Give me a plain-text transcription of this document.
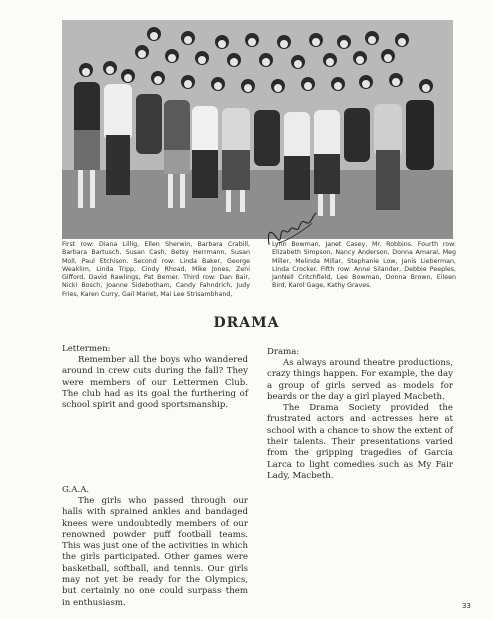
First row: Diana Lillig, Ellen Sherwin, Barbara Crabill, Barbara Bartusch, Susan Cash, Betsy Herrmann, Susan Moll, Paul Etchison. Second row: Linda Baker, George Weaklim, Linda Tripp, Cindy Rhoad, Mike Jones, Zeni Gifford, David Rawlings, Pat Berner. Third row: Dan Bair, Nicki Bosch, Joanne Sidebotham, Candy Fahndrich, Judy Fries, Karen Curry, Gail Mariet, Mai Lee Strisambhand,

Lynn Bowman, Janet Casey, Mr. Robbins. Fourth row: Elizabeth Simpson, Nancy Anderson, Donna Amaral, Meg Miller, Melinda Millar, Stephanie Low, Janis Lieberman, Linda Crocker. Fifth row: Anne Silander, Debbie Peeples, JanNell Critchfield, Lee Bowman, Donna Brown, Eileen Bird, Karol Gage, Kathy Graves.

DRAMA
Lettermen:

Remember all the boys who wandered around in crew cuts during the fall? They were members of our Lettermen Club. The club had as its goal the furthering of school spirit and good sportsmanship.

Drama:

As always around theatre productions, crazy things happen. For example, the day a group of girls served as models for beards or the day a girl played Macbeth.

The Drama Society provided the frustrated actors and actresses here at school with a chance to show the extent of their talents. Their presentations varied from the gripping tragedies of Garcia Larca to light comedies such as My Fair Lady, Macbeth.

G.A.A.

The girls who passed through our halls with sprained ankles and bandaged knees were undoubtedly members of our renowned powder puff football teams. This was just one of the activities in which the girls participated. Other games were basketball, softball, and tennis. Our girls may not yet be ready for the Olympics, but certainly no one could surpass them in enthusiasm.	33
